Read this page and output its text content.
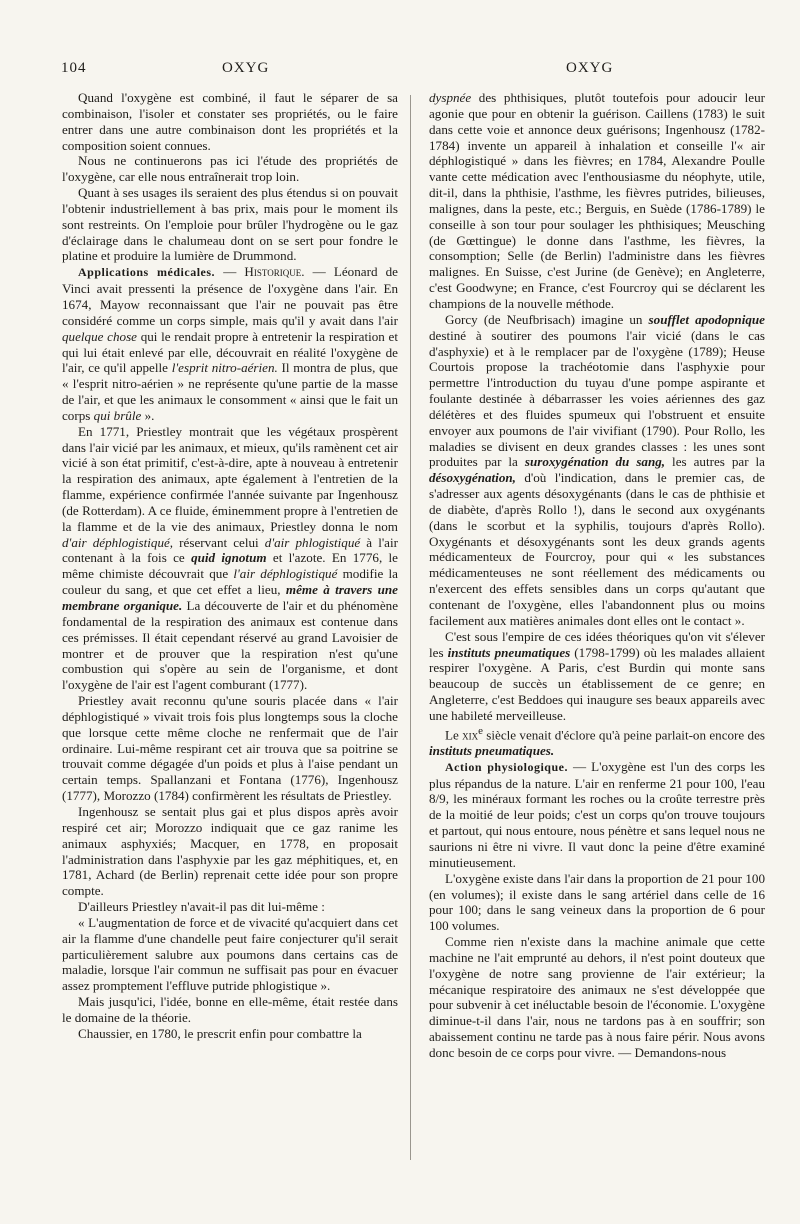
104	OXYG	OXYG

Quand l'oxygène est combiné, il faut le séparer de sa combinaison, l'isoler et constater ses propriétés, ou le faire entrer dans une autre combinaison dont les propriétés et la composition soient connues.

Nous ne continuerons pas ici l'étude des propriétés de l'oxygène, car elle nous entraînerait trop loin.

Quant à ses usages ils seraient des plus étendus si on pouvait l'obtenir industriellement à bas prix, mais pour le moment ils sont restreints. On l'emploie pour brûler l'hydrogène ou le gaz d'éclairage dans le chalumeau dont on se sert pour fondre le platine et produire la lumière de Drummond.

Applications médicales. — Historique. — Léonard de Vinci avait pressenti la présence de l'oxygène dans l'air. En 1674, Mayow reconnaissant que l'air ne pouvait pas être considéré comme un corps simple, mais qu'il y avait dans l'air quelque chose qui le rendait propre à entretenir la respiration et qui lui était enlevé par elle, découvrait en réalité l'oxygène de l'air, ce qu'il appelle l'esprit nitro-aérien. Il montra de plus, que « l'esprit nitro-aérien » ne représente qu'une partie de la masse de l'air, et que les animaux le consomment « ainsi que le fait un corps qui brûle ».

En 1771, Priestley montrait que les végétaux prospèrent dans l'air vicié par les animaux, et mieux, qu'ils ramènent cet air vicié à son état primitif, c'est-à-dire, apte à nouveau à entretenir la respiration des animaux, apte également à l'entretien de la flamme, expérience confirmée l'année suivante par Ingenhousz (de Rotterdam). A ce fluide, éminemment propre à l'entretien de la flamme et de la vie des animaux, Priestley donna le nom d'air déphlogistiqué, réservant celui d'air phlogistiqué à l'air contenant à la fois ce quid ignotum et l'azote. En 1776, le même chimiste découvrait que l'air déphlogistiqué modifie la couleur du sang, et que cet effet a lieu, même à travers une membrane organique. La découverte de l'air et du phénomène fondamental de la respiration des animaux est contenue dans ces prémisses. Il était cependant réservé au grand Lavoisier de montrer et de prouver que la respiration n'est qu'une combustion qui s'opère au sein de l'organisme, et dont l'oxygène de l'air est l'agent comburant (1777).

Priestley avait reconnu qu'une souris placée dans « l'air déphlogistiqué » vivait trois fois plus longtemps sous la cloche que lorsque cette même cloche ne renfermait que de l'air ordinaire. Lui-même respirant cet air trouva que sa poitrine se trouvait comme dégagée d'un poids et plus à l'aise pendant un certain temps. Spallanzani et Fontana (1776), Ingenhousz (1777), Morozzo (1784) confirmèrent les résultats de Priestley.

Ingenhousz se sentait plus gai et plus dispos après avoir respiré cet air; Morozzo indiquait que ce gaz ranime les animaux asphyxiés; Macquer, en 1778, en proposait l'administration dans l'asphyxie par les gaz méphitiques, et, en 1781, Achard (de Berlin) reprenait cette idée pour son propre compte.

D'ailleurs Priestley n'avait-il pas dit lui-même :

« L'augmentation de force et de vivacité qu'acquiert dans cet air la flamme d'une chandelle peut faire conjecturer qu'il serait particulièrement salubre aux poumons dans certains cas de maladie, lorsque l'air commun ne suffisait pas pour en évacuer assez promptement l'effluve putride phlogistique ».

Mais jusqu'ici, l'idée, bonne en elle-même, était restée dans le domaine de la théorie.

Chaussier, en 1780, le prescrit enfin pour combattre la

dyspnée des phthisiques, plutôt toutefois pour adoucir leur agonie que pour en obtenir la guérison. Caillens (1783) le suit dans cette voie et annonce deux guérisons; Ingenhousz (1782-1784) invente un appareil à inhalation et conseille l'« air déphlogistiqué » dans les fièvres; en 1784, Alexandre Poulle vante cette médication avec l'enthousiasme du néophyte, utile, dit-il, dans la phthisie, l'asthme, les fièvres putrides, bilieuses, malignes, dans la peste, etc.; Berguis, en Suède (1786-1789) le conseille à son tour pour soulager les phthisiques; Meusching (de Gœttingue) le donne dans l'asthme, les fièvres, la consomption; Selle (de Berlin) l'administre dans les fièvres malignes. En Suisse, c'est Jurine (de Genève); en Angleterre, c'est Goodwyne; en France, c'est Fourcroy qui se déclarent les champions de la nouvelle méthode.

Gorcy (de Neufbrisach) imagine un soufflet apodopnique destiné à soutirer des poumons l'air vicié (dans le cas d'asphyxie) et à le remplacer par de l'oxygène (1789); Heuse Courtois propose la trachéotomie dans l'asphyxie pour permettre l'introduction du tuyau d'une pompe aspirante et foulante destinée à débarrasser les voies aériennes des gaz délétères et des fluides spumeux qui l'obstruent et ensuite envoyer aux poumons de l'air vivifiant (1790). Pour Rollo, les maladies se divisent en deux grandes classes : les unes sont produites par la suroxygénation du sang, les autres par la désoxygénation, d'où l'indication, dans le premier cas, de s'adresser aux agents désoxygénants (dans le cas de phthisie et de diabète, d'après Rollo !), dans le second aux oxygénants (dans le scorbut et la syphilis, toujours d'après Rollo). Oxygénants et désoxygénants sont les deux grands agents médicamenteux de Fourcroy, pour qui « les substances médicamenteuses ne sont réellement des médicaments ou n'exercent des effets sensibles dans un corps qu'autant que contenant de l'oxygène, elles l'abandonnent plus ou moins facilement aux matières animales dont elles ont le contact ».

C'est sous l'empire de ces idées théoriques qu'on vit s'élever les instituts pneumatiques (1798-1799) où les malades allaient respirer l'oxygène. A Paris, c'est Burdin qui monte sans beaucoup de succès un établissement de ce genre; en Angleterre, c'est Beddoes qui inaugure ses beaux appareils avec une habileté merveilleuse.

Le xix$^e$ siècle venait d'éclore qu'à peine parlait-on encore des instituts pneumatiques.

Action physiologique. — L'oxygène est l'un des corps les plus répandus de la nature. L'air en renferme 21 pour 100, l'eau 8/9, les minéraux formant les roches ou la croûte terrestre près de la moitié de leur poids; c'est un corps qu'on trouve toujours et partout, qui nous entoure, nous pénètre et sans lequel nous ne saurions ni être ni vivre. Il vaut donc la peine d'être examiné minutieusement.

L'oxygène existe dans l'air dans la proportion de 21 pour 100 (en volumes); il existe dans le sang artériel dans celle de 16 pour 100; dans le sang veineux dans la proportion de 6 pour 100 volumes.

Comme rien n'existe dans la machine animale que cette machine ne l'ait emprunté au dehors, il n'est point douteux que l'oxygène de notre sang provienne de l'air extérieur; la mécanique respiratoire des animaux ne s'est développée que pour subvenir à cet inéluctable besoin de l'économie. L'oxygène diminue-t-il dans l'air, nous ne tardons pas à en souffrir; son abaissement continu ne tarde pas à nous faire périr. Nous avons donc besoin de ce corps pour vivre. — Demandons-nous
